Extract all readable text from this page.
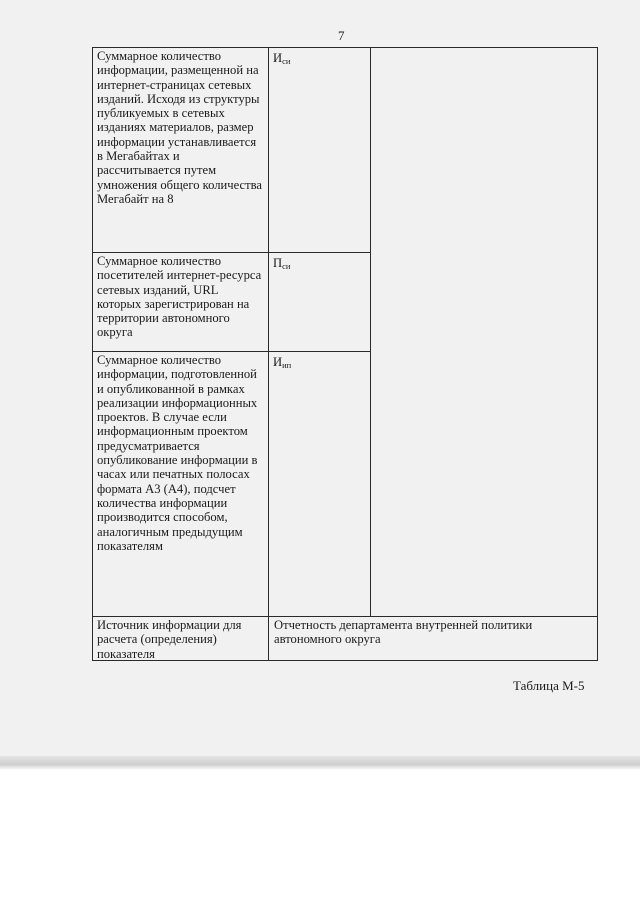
7
Суммарное количество информации, размещенной на интернет-страницах сетевых изданий. Исходя из структуры публикуемых в сетевых изданиях материалов, размер информации устанавливается в Мегабайтах и рассчитывается путем умножения общего количества Мегабайт на 8
$И_{си}$
Суммарное количество посетителей интернет-ресурса сетевых изданий, URL которых зарегистрирован на территории автономного округа
$П_{си}$
Суммарное количество информации, подготовленной и опубликованной в рамках реализации информационных проектов. В случае если информационным проектом предусматривается опубликование информации в часах или печатных полосах формата А3 (А4), подсчет количества информации производится способом, аналогичным предыдущим показателям
$И_{ип}$
Источник информации для расчета (определения) показателя
Отчетность департамента внутренней политики автономного округа
Таблица М-5
